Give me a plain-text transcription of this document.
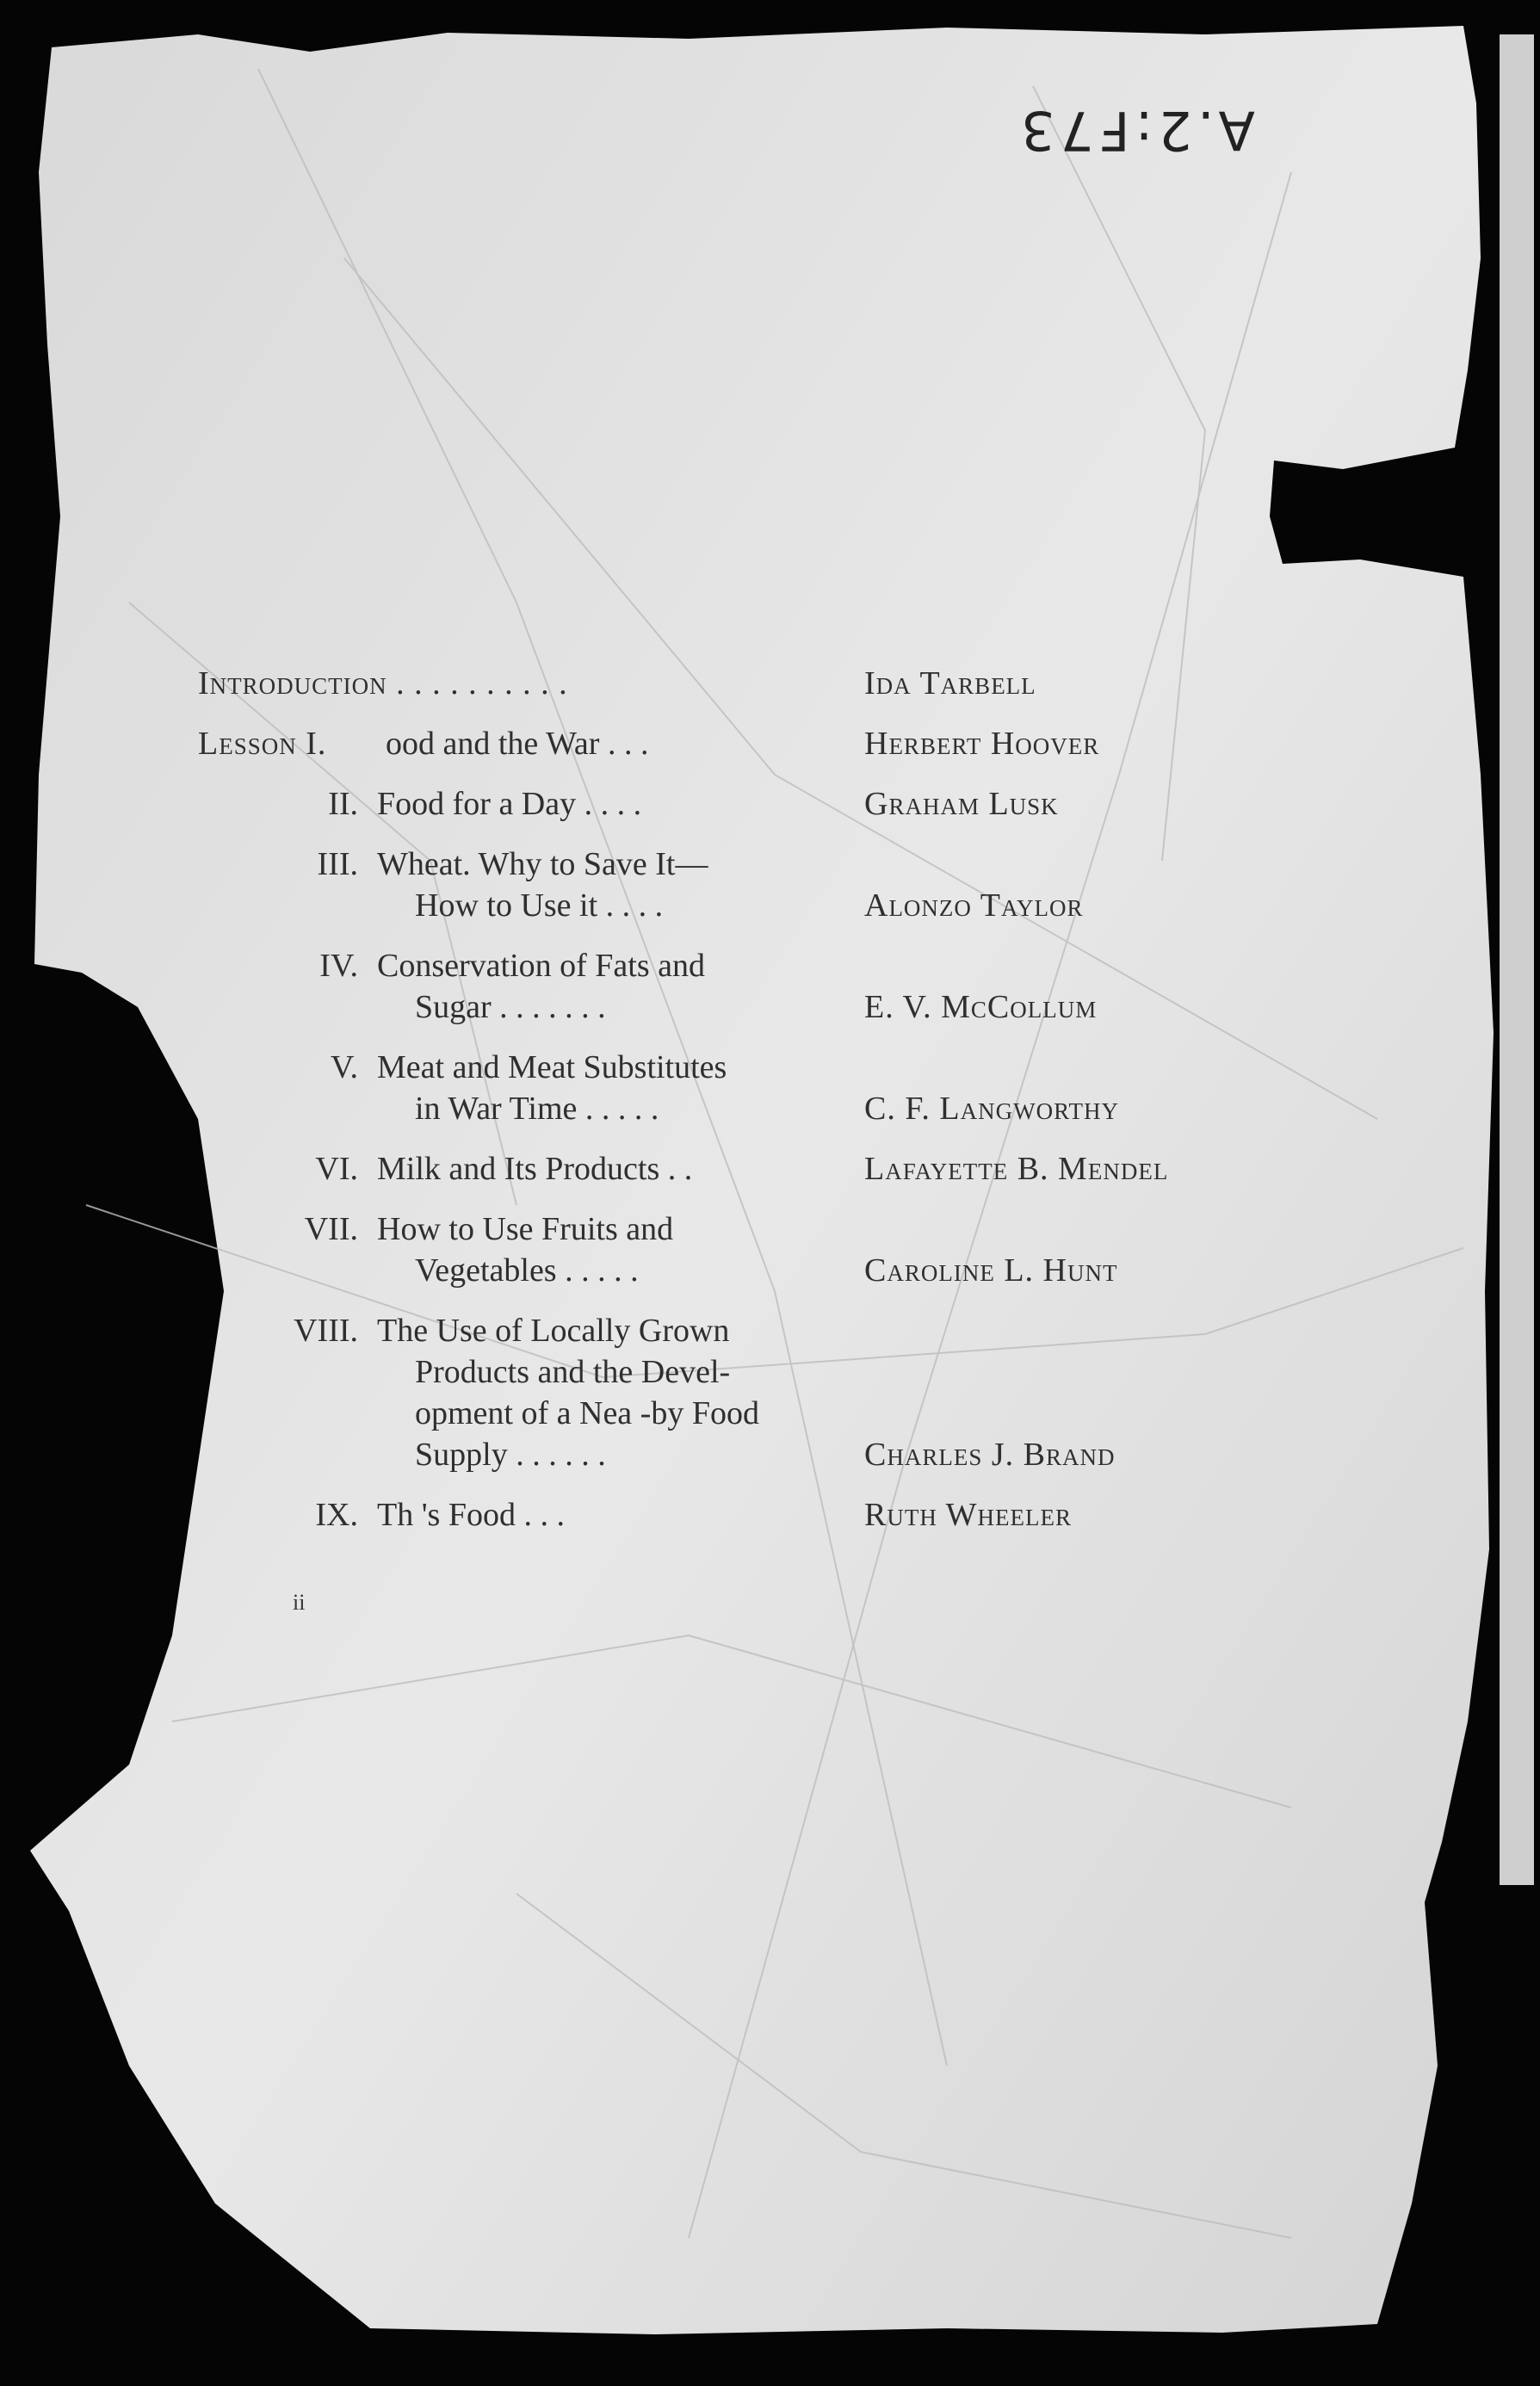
A.2:F73
Introduction . . . . . . . . . .	Ida Tarbell
Lesson I. ood and the War . . .	Herbert Hoover
II. Food for a Day . . . .	Graham Lusk
III. Wheat. Why to Save It—
How to Use it . . . .	Alonzo Taylor
IV. Conservation of Fats and
Sugar . . . . . . .	E. V. McCollum
V. Meat and Meat Substitutes
in War Time . . . . .	C. F. Langworthy
VI. Milk and Its Products . .	Lafayette B. Mendel
VII. How to Use Fruits and
Vegetables . . . . .	Caroline L. Hunt
VIII. The Use of Locally Grown
Products and the Devel-
opment of a Nea -by Food
Supply . . . . . .	Charles J. Brand
IX. Th 's Food . . .	Ruth Wheeler
ii
